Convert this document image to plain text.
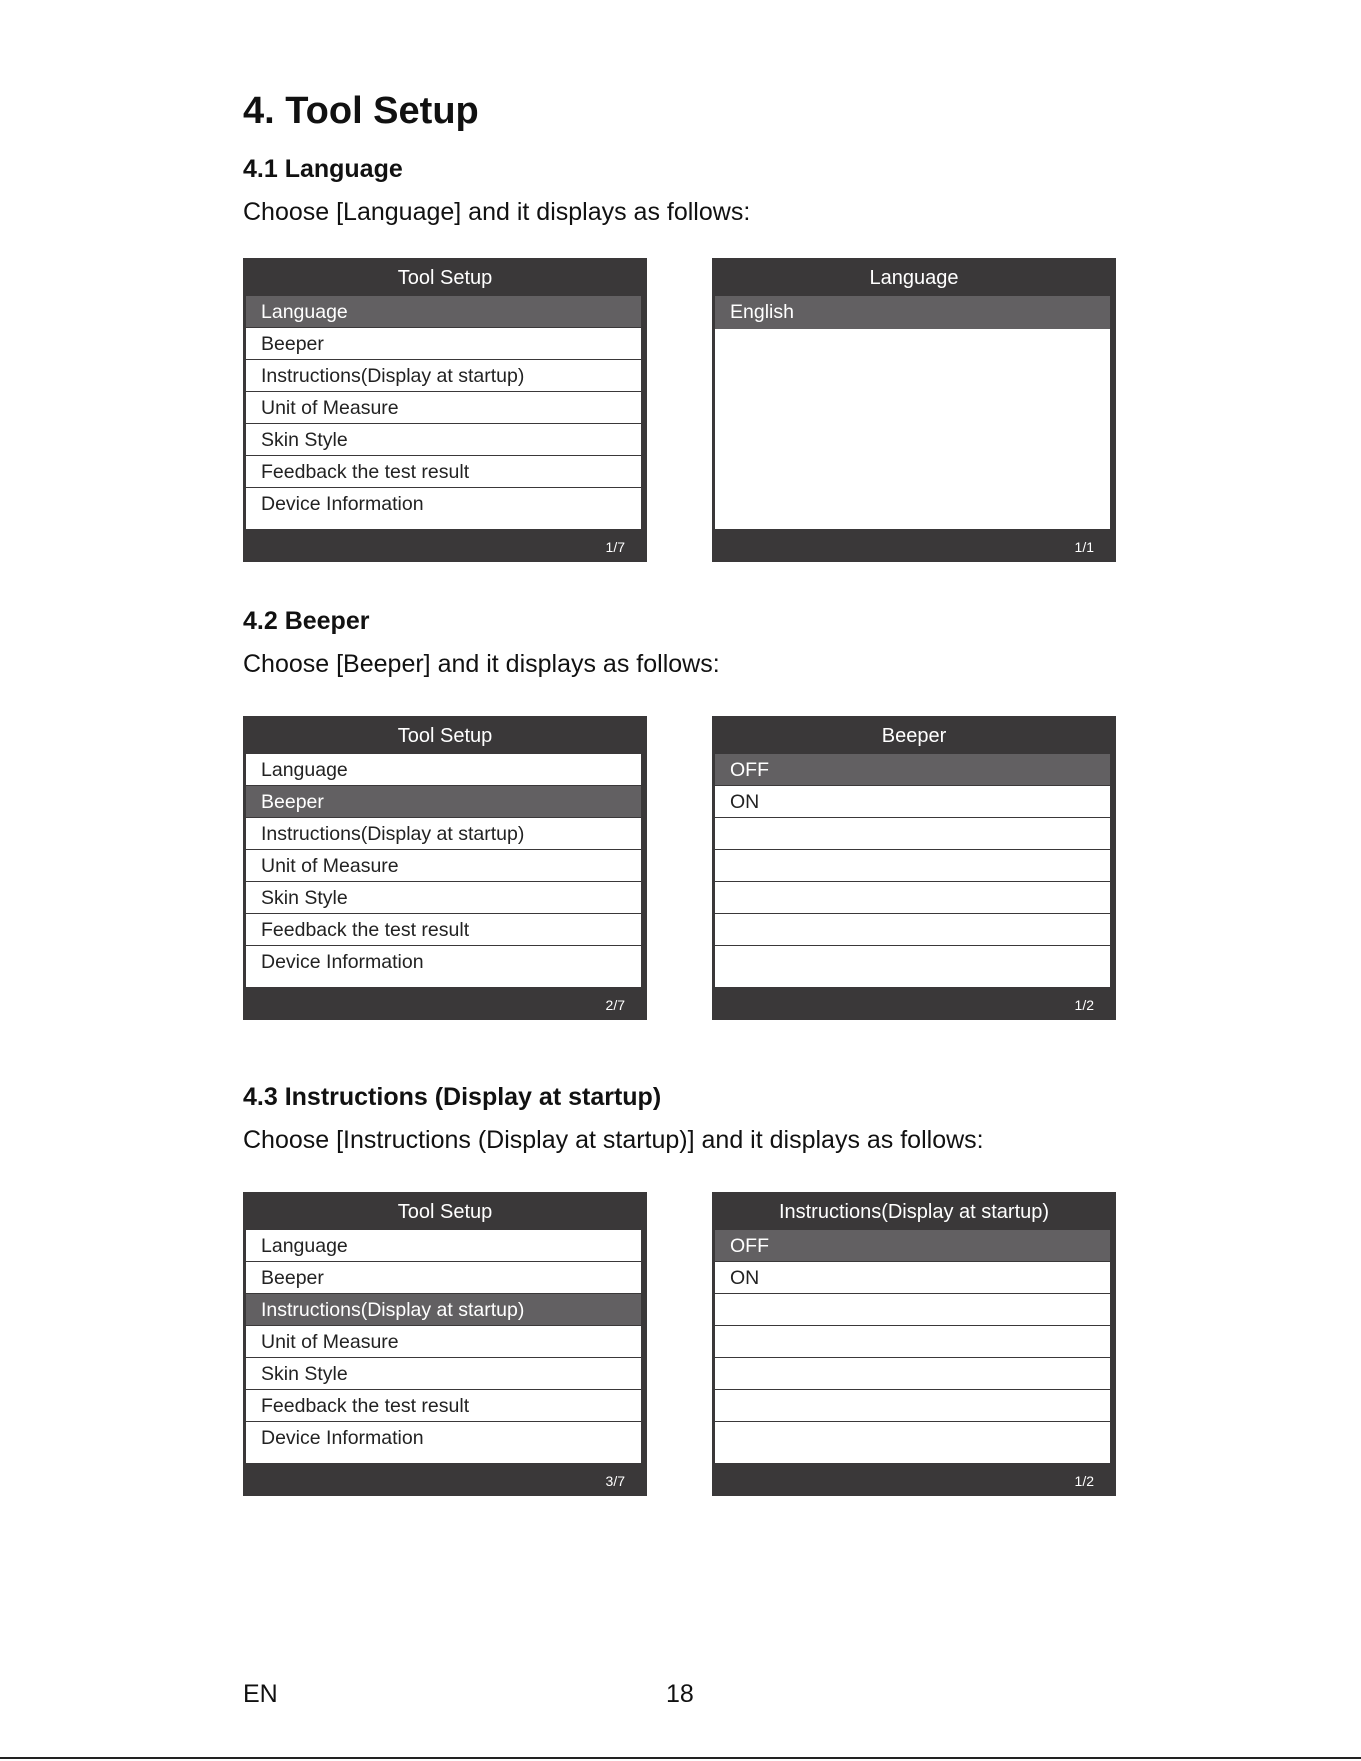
4. Tool Setup
4.1 Language

Choose [Language] and it displays as follows:

Tool Setup
Language
Beeper
Instructions(Display at startup)
Unit of Measure
Skin Style
Feedback the test result
Device Information
1/7
Language
English
1/1
4.2 Beeper

Choose [Beeper] and it displays as follows:

Tool Setup
Language
Beeper
Instructions(Display at startup)
Unit of Measure
Skin Style
Feedback the test result
Device Information
2/7
Beeper
OFF
ON
1/2
4.3 Instructions (Display at startup)

Choose [Instructions (Display at startup)] and it displays as follows:

Tool Setup
Language
Beeper
Instructions(Display at startup)
Unit of Measure
Skin Style
Feedback the test result
Device Information
3/7
Instructions(Display at startup)
OFF
ON
1/2
EN	18
